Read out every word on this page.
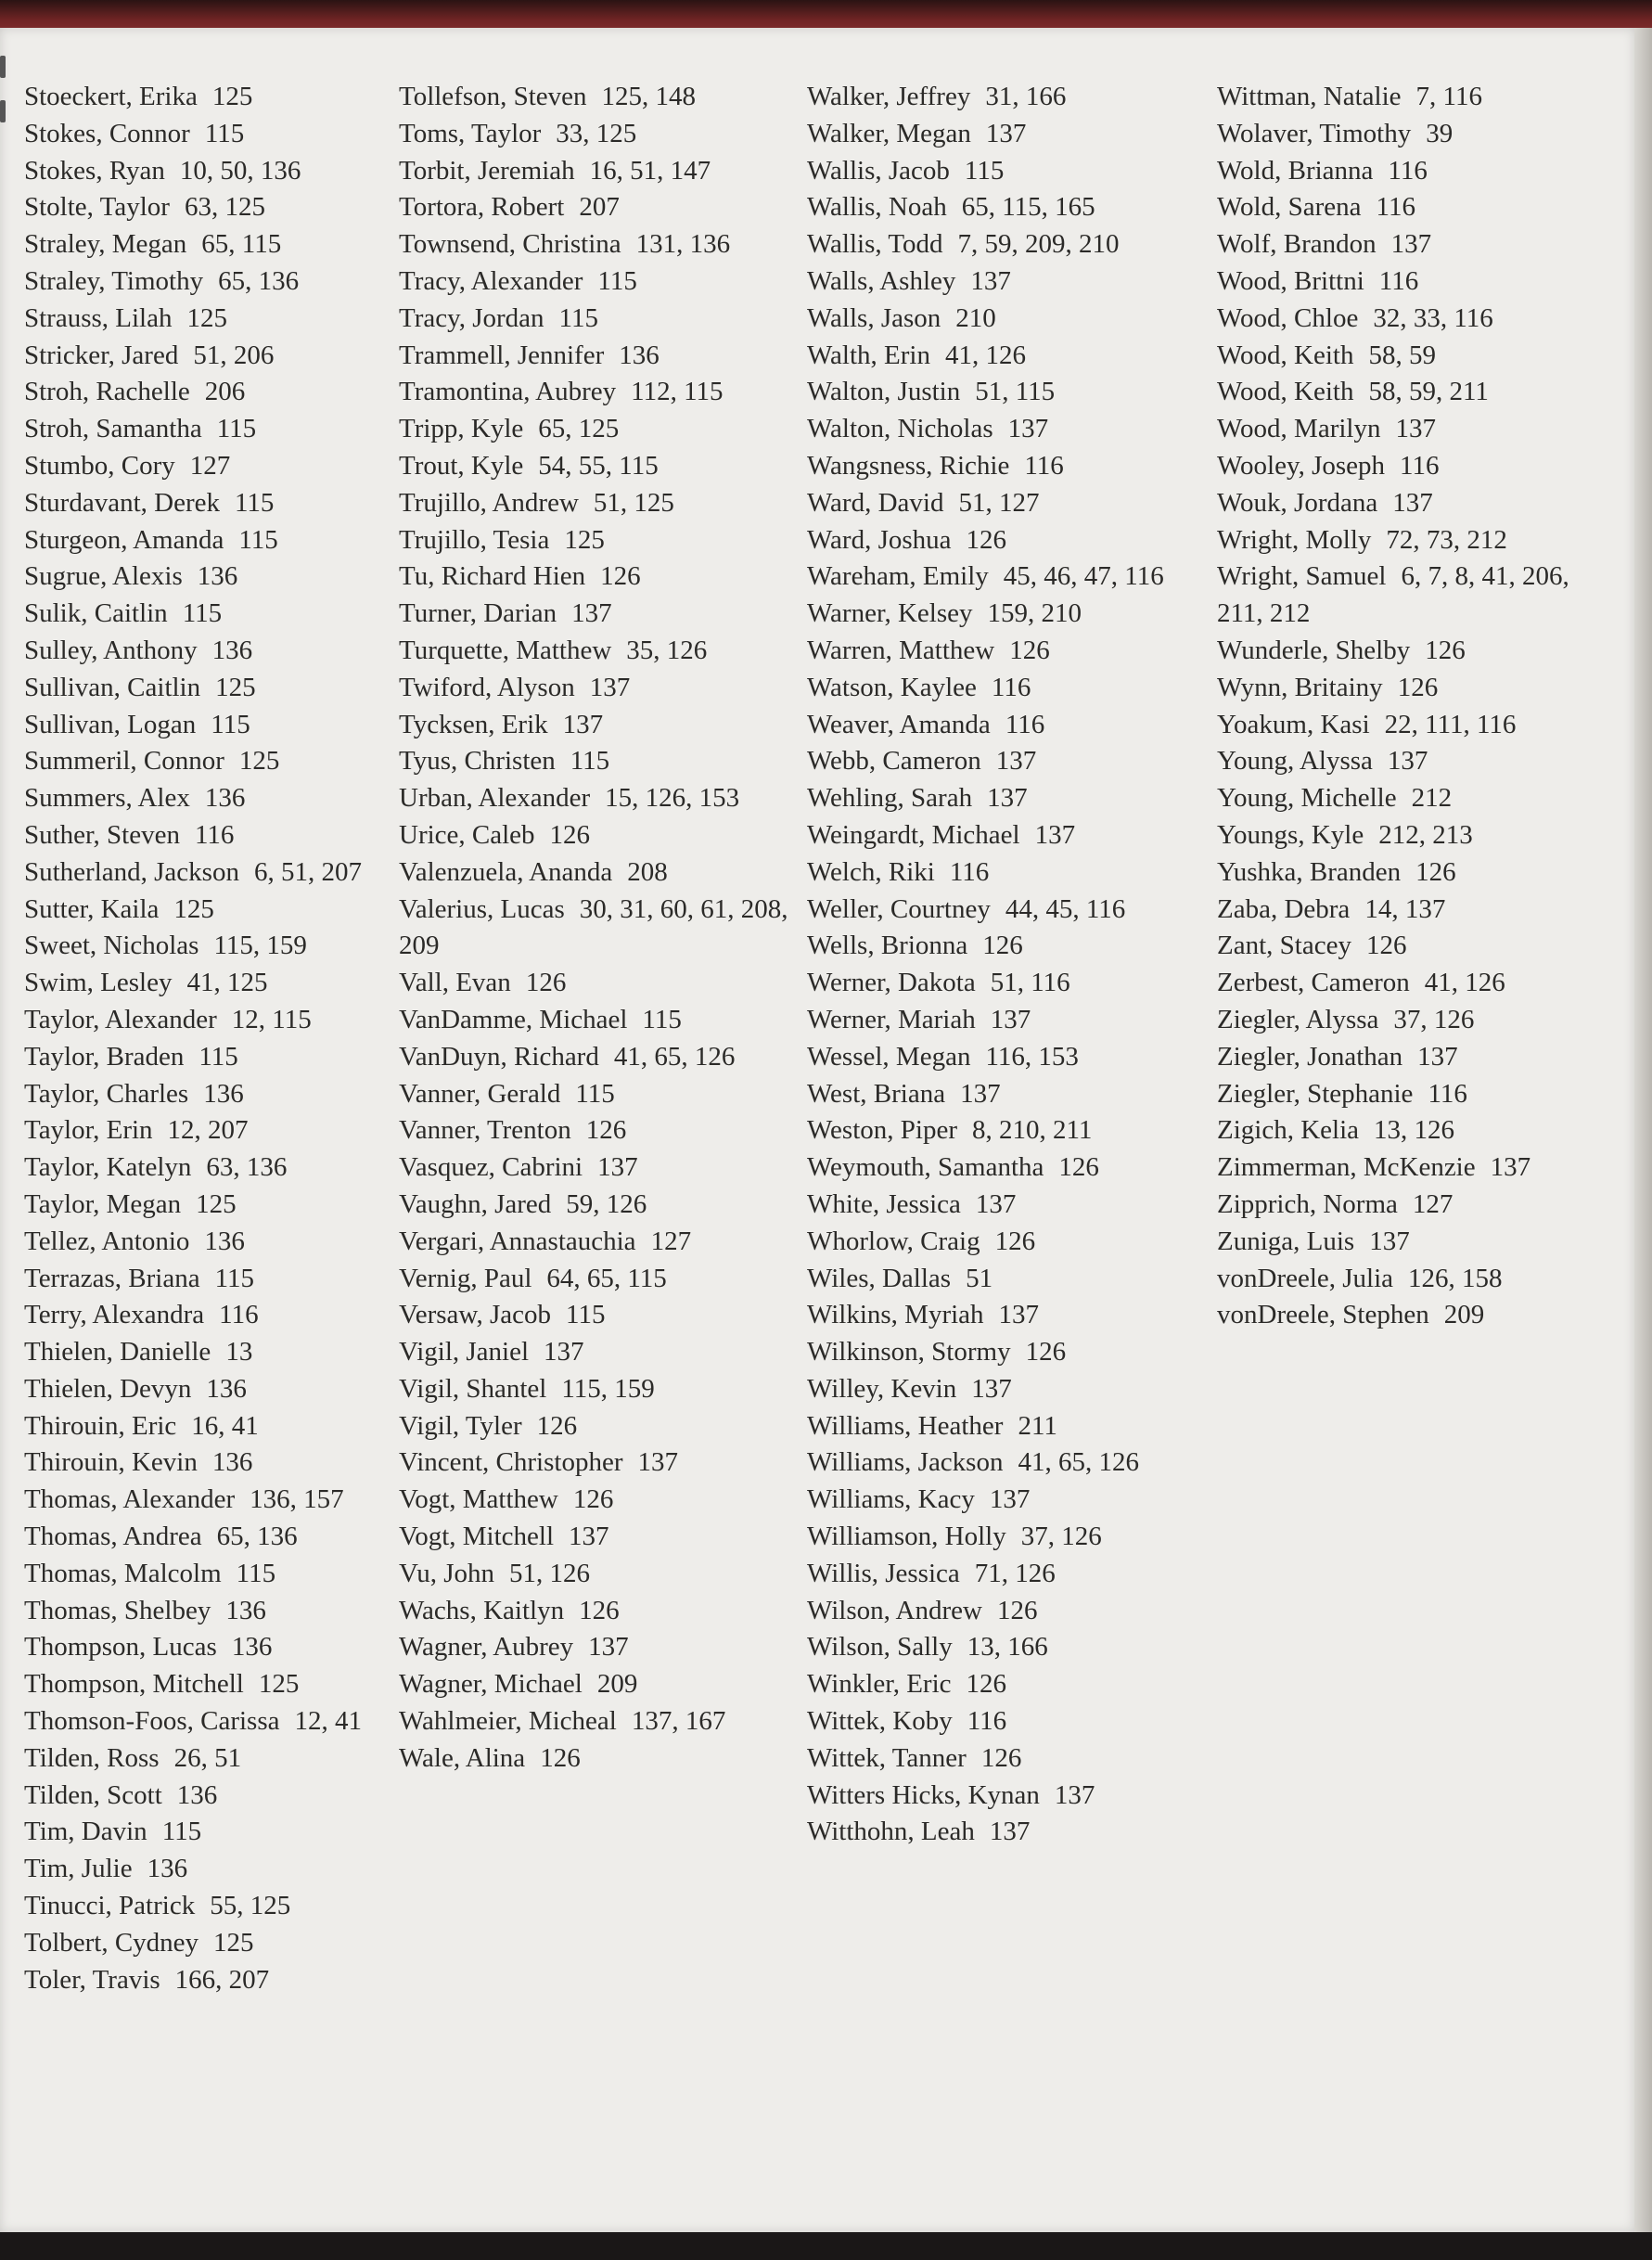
Stoeckert, Erika 125
Stokes, Connor 115
Stokes, Ryan 10, 50, 136
Stolte, Taylor 63, 125
Straley, Megan 65, 115
Straley, Timothy 65, 136
Strauss, Lilah 125
Stricker, Jared 51, 206
Stroh, Rachelle 206
Stroh, Samantha 115
Stumbo, Cory 127
Sturdavant, Derek 115
Sturgeon, Amanda 115
Sugrue, Alexis 136
Sulik, Caitlin 115
Sulley, Anthony 136
Sullivan, Caitlin 125
Sullivan, Logan 115
Summeril, Connor 125
Summers, Alex 136
Suther, Steven 116
Sutherland, Jackson 6, 51, 207
Sutter, Kaila 125
Sweet, Nicholas 115, 159
Swim, Lesley 41, 125
Taylor, Alexander 12, 115
Taylor, Braden 115
Taylor, Charles 136
Taylor, Erin 12, 207
Taylor, Katelyn 63, 136
Taylor, Megan 125
Tellez, Antonio 136
Terrazas, Briana 115
Terry, Alexandra 116
Thielen, Danielle 13
Thielen, Devyn 136
Thirouin, Eric 16, 41
Thirouin, Kevin 136
Thomas, Alexander 136, 157
Thomas, Andrea 65, 136
Thomas, Malcolm 115
Thomas, Shelbey 136
Thompson, Lucas 136
Thompson, Mitchell 125
Thomson-Foos, Carissa 12, 41
Tilden, Ross 26, 51
Tilden, Scott 136
Tim, Davin 115
Tim, Julie 136
Tinucci, Patrick 55, 125
Tolbert, Cydney 125
Toler, Travis 166, 207
Tollefson, Steven 125, 148
Toms, Taylor 33, 125
Torbit, Jeremiah 16, 51, 147
Tortora, Robert 207
Townsend, Christina 131, 136
Tracy, Alexander 115
Tracy, Jordan 115
Trammell, Jennifer 136
Tramontina, Aubrey 112, 115
Tripp, Kyle 65, 125
Trout, Kyle 54, 55, 115
Trujillo, Andrew 51, 125
Trujillo, Tesia 125
Tu, Richard Hien 126
Turner, Darian 137
Turquette, Matthew 35, 126
Twiford, Alyson 137
Tycksen, Erik 137
Tyus, Christen 115
Urban, Alexander 15, 126, 153
Urice, Caleb 126
Valenzuela, Ananda 208
Valerius, Lucas 30, 31, 60, 61, 208, 209
Vall, Evan 126
VanDamme, Michael 115
VanDuyn, Richard 41, 65, 126
Vanner, Gerald 115
Vanner, Trenton 126
Vasquez, Cabrini 137
Vaughn, Jared 59, 126
Vergari, Annastauchia 127
Vernig, Paul 64, 65, 115
Versaw, Jacob 115
Vigil, Janiel 137
Vigil, Shantel 115, 159
Vigil, Tyler 126
Vincent, Christopher 137
Vogt, Matthew 126
Vogt, Mitchell 137
Vu, John 51, 126
Wachs, Kaitlyn 126
Wagner, Aubrey 137
Wagner, Michael 209
Wahlmeier, Micheal 137, 167
Wale, Alina 126
Walker, Jeffrey 31, 166
Walker, Megan 137
Wallis, Jacob 115
Wallis, Noah 65, 115, 165
Wallis, Todd 7, 59, 209, 210
Walls, Ashley 137
Walls, Jason 210
Walth, Erin 41, 126
Walton, Justin 51, 115
Walton, Nicholas 137
Wangsness, Richie 116
Ward, David 51, 127
Ward, Joshua 126
Wareham, Emily 45, 46, 47, 116
Warner, Kelsey 159, 210
Warren, Matthew 126
Watson, Kaylee 116
Weaver, Amanda 116
Webb, Cameron 137
Wehling, Sarah 137
Weingardt, Michael 137
Welch, Riki 116
Weller, Courtney 44, 45, 116
Wells, Brionna 126
Werner, Dakota 51, 116
Werner, Mariah 137
Wessel, Megan 116, 153
West, Briana 137
Weston, Piper 8, 210, 211
Weymouth, Samantha 126
White, Jessica 137
Whorlow, Craig 126
Wiles, Dallas 51
Wilkins, Myriah 137
Wilkinson, Stormy 126
Willey, Kevin 137
Williams, Heather 211
Williams, Jackson 41, 65, 126
Williams, Kacy 137
Williamson, Holly 37, 126
Willis, Jessica 71, 126
Wilson, Andrew 126
Wilson, Sally 13, 166
Winkler, Eric 126
Wittek, Koby 116
Wittek, Tanner 126
Witters Hicks, Kynan 137
Witthohn, Leah 137
Wittman, Natalie 7, 116
Wolaver, Timothy 39
Wold, Brianna 116
Wold, Sarena 116
Wolf, Brandon 137
Wood, Brittni 116
Wood, Chloe 32, 33, 116
Wood, Keith 58, 59
Wood, Keith 58, 59, 211
Wood, Marilyn 137
Wooley, Joseph 116
Wouk, Jordana 137
Wright, Molly 72, 73, 212
Wright, Samuel 6, 7, 8, 41, 206, 211, 212
Wunderle, Shelby 126
Wynn, Britainy 126
Yoakum, Kasi 22, 111, 116
Young, Alyssa 137
Young, Michelle 212
Youngs, Kyle 212, 213
Yushka, Branden 126
Zaba, Debra 14, 137
Zant, Stacey 126
Zerbest, Cameron 41, 126
Ziegler, Alyssa 37, 126
Ziegler, Jonathan 137
Ziegler, Stephanie 116
Zigich, Kelia 13, 126
Zimmerman, McKenzie 137
Zipprich, Norma 127
Zuniga, Luis 137
vonDreele, Julia 126, 158
vonDreele, Stephen 209
